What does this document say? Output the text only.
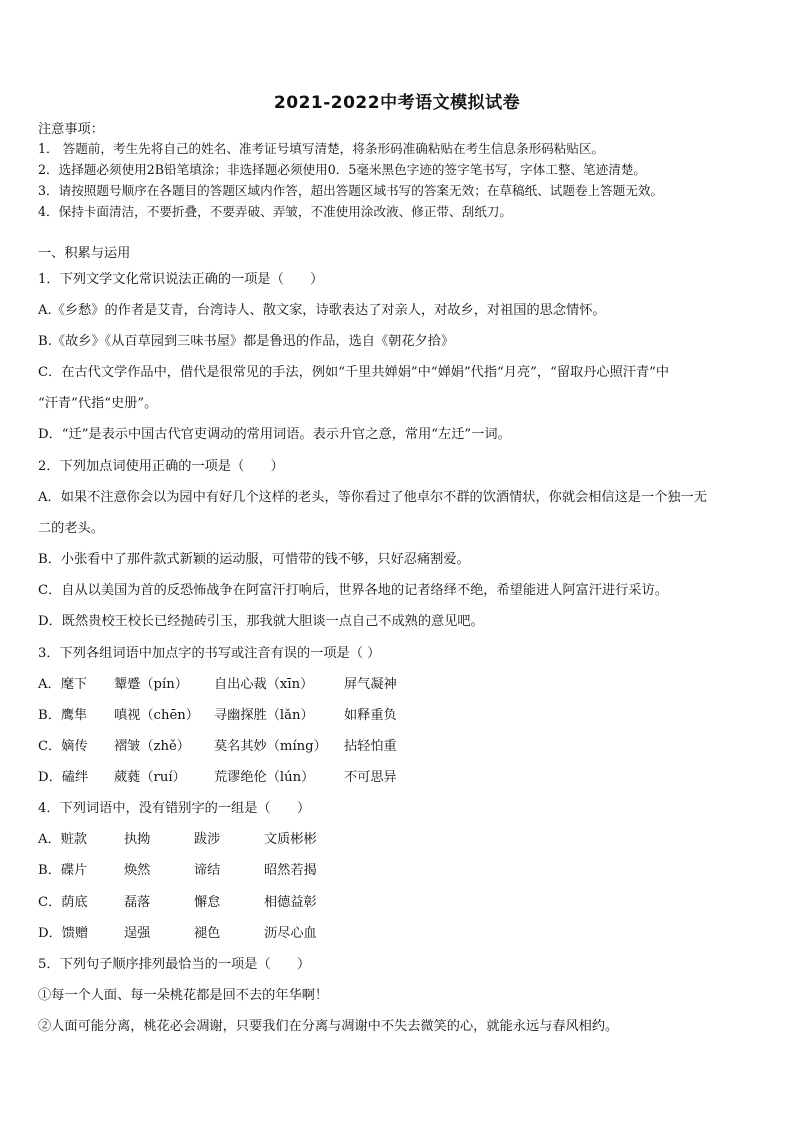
2021-2022中考语文模拟试卷
注意事项：
1． 答题前，考生先将自己的姓名、准考证号填写清楚，将条形码准确粘贴在考生信息条形码粘贴区。
2．选择题必须使用2B铅笔填涂；非选择题必须使用0．5毫米黑色字迹的签字笔书写，字体工整、笔迹清楚。
3．请按照题号顺序在各题目的答题区域内作答，超出答题区域书写的答案无效；在草稿纸、试题卷上答题无效。
4．保持卡面清洁，不要折叠，不要弄破、弄皱，不准使用涂改液、修正带、刮纸刀。
一、积累与运用
1．下列文学文化常识说法正确的一项是（　　）
A.《乡愁》的作者是艾青，台湾诗人、散文家，诗歌表达了对亲人，对故乡，对祖国的思念情怀。
B.《故乡》《从百草园到三味书屋》都是鲁迅的作品，选自《朝花夕拾》
C．在古代文学作品中，借代是很常见的手法，例如“千里共婵娟”中“婵娟”代指“月亮”，“留取丹心照汗青”中
“汗青”代指“史册”。
D．“迁”是表示中国古代官吏调动的常用词语。表示升官之意，常用“左迁”一词。
2．下列加点词使用正确的一项是（　　）
A．如果不注意你会以为园中有好几个这样的老头，等你看过了他卓尔不群的饮酒情状，你就会相信这是一个独一无
二的老头。
B．小张看中了那件款式新颖的运动服，可惜带的钱不够，只好忍痛割爱。
C．自从以美国为首的反恐怖战争在阿富汗打响后，世界各地的记者络绎不绝，希望能进人阿富汗进行采访。
D．既然贵校王校长已经抛砖引玉，那我就大胆谈一点自己不成熟的意见吧。
3．下列各组词语中加点字的书写或注音有误的一项是（ ）
A．麾下 颦蹙（pín） 自出心裁（xīn） 屏气凝神
B．鹰隼 嗔视（chēn） 寻幽探胜（lǎn） 如释重负
C．嫡传 褶皱（zhě） 莫名其妙（míng） 拈轻怕重
D．磕绊 葳蕤（ruí） 荒谬绝伦（lún） 不可思异
4．下列词语中，没有错别字的一组是（　　）
A．赃款	执拗	跋涉	文质彬彬
B．碟片	焕然	谛结	昭然若揭
C．荫底	磊落	懈怠	相德益彰
D．馈赠	逞强	褪色	沥尽心血
5．下列句子顺序排列最恰当的一项是（　　）
①每一个人面、每一朵桃花都是回不去的年华啊！
②人面可能分离，桃花必会凋谢，只要我们在分离与凋谢中不失去微笑的心，就能永远与春风相约。
